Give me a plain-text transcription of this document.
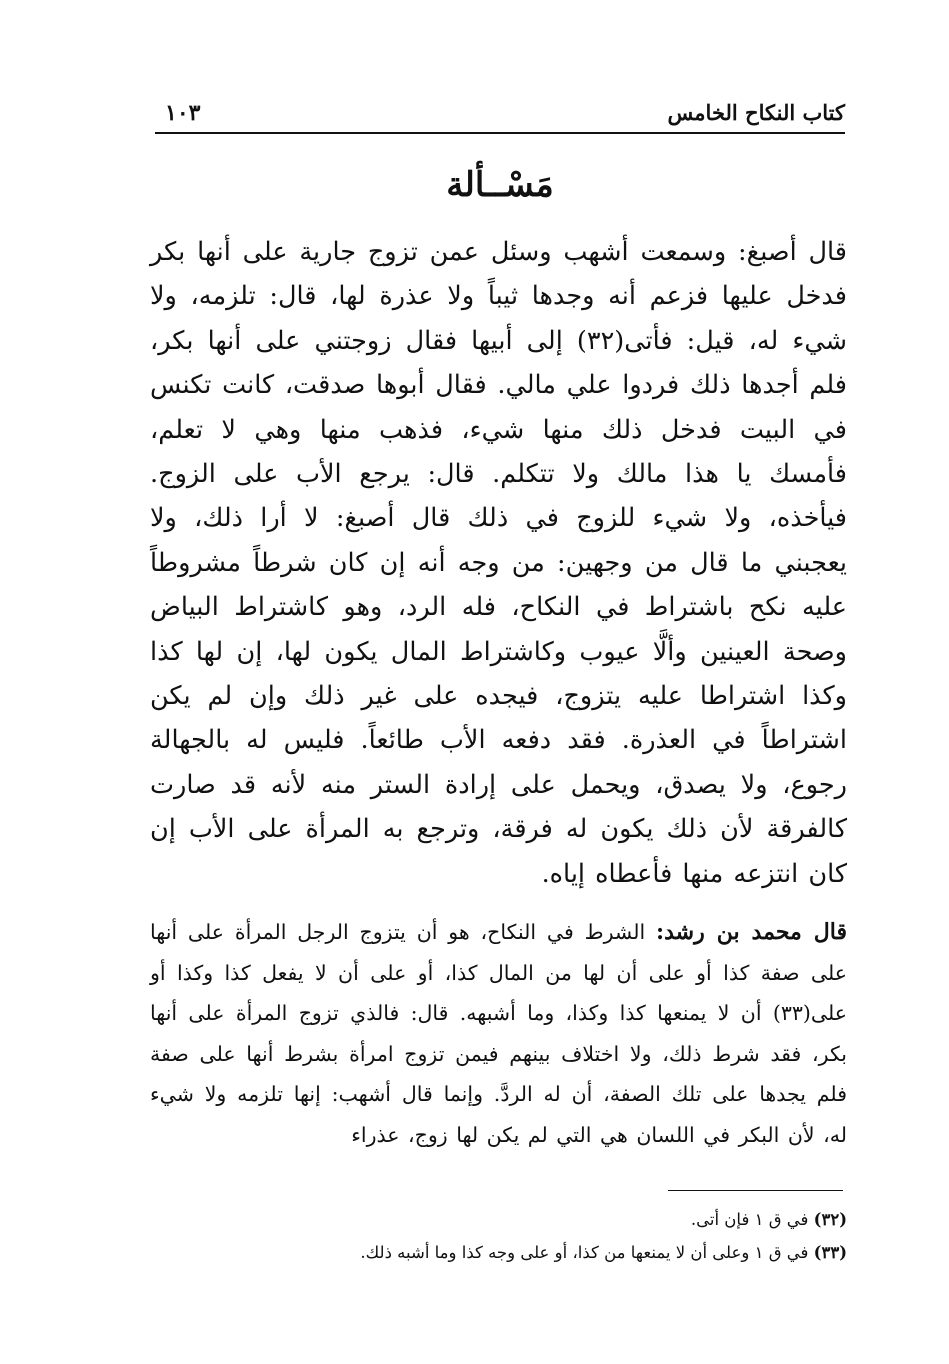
كتاب النكاح الخامس
١٠٣
مَسْــألة

قال أصبغ: وسمعت أشهب وسئل عمن تزوج جارية على أنها بكر فدخل عليها فزعم أنه وجدها ثيباً ولا عذرة لها، قال: تلزمه، ولا شيء له، قيل: فأتى(٣٢) إلى أبيها فقال زوجتني على أنها بكر، فلم أجدها ذلك فردوا علي مالي. فقال أبوها صدقت، كانت تكنس في البيت فدخل ذلك منها شيء، فذهب منها وهي لا تعلم، فأمسك يا هذا مالك ولا تتكلم. قال: يرجع الأب على الزوج. فيأخذه، ولا شيء للزوج في ذلك قال أصبغ: لا أرا ذلك، ولا يعجبني ما قال من وجهين: من وجه أنه إن كان شرطاً مشروطاً عليه نكح باشتراط في النكاح، فله الرد، وهو كاشتراط البياض وصحة العينين وألَّا عيوب وكاشتراط المال يكون لها، إن لها كذا وكذا اشتراطا عليه يتزوج، فيجده على غير ذلك وإن لم يكن اشتراطاً في العذرة. فقد دفعه الأب طائعاً. فليس له بالجهالة رجوع، ولا يصدق، ويحمل على إرادة الستر منه لأنه قد صارت كالفرقة لأن ذلك يكون له فرقة، وترجع به المرأة على الأب إن كان انتزعه منها فأعطاه إياه.

قال محمد بن رشد: الشرط في النكاح، هو أن يتزوج الرجل المرأة على أنها على صفة كذا أو على أن لها من المال كذا، أو على أن لا يفعل كذا وكذا أو على(٣٣) أن لا يمنعها كذا وكذا، وما أشبهه. قال: فالذي تزوج المرأة على أنها بكر، فقد شرط ذلك، ولا اختلاف بينهم فيمن تزوج امرأة بشرط أنها على صفة فلم يجدها على تلك الصفة، أن له الردَّ. وإنما قال أشهب: إنها تلزمه ولا شيء له، لأن البكر في اللسان هي التي لم يكن لها زوج، عذراء

(٣٢) في ق ١ فإن أتى.
(٣٣) في ق ١ وعلى أن لا يمنعها من كذا، أو على وجه كذا وما أشبه ذلك.
